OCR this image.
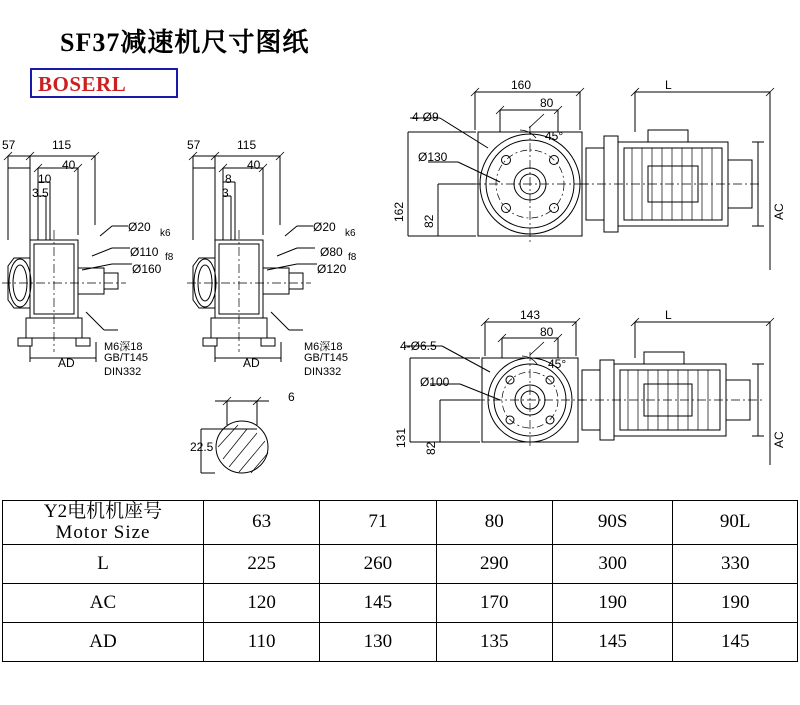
SF37减速机尺寸图纸
BOSERL
57	115
40
10
3.5
Ø20 k6
Ø110 f8
Ø160
AD
M6深18
GB/T145
DIN332
57	115
40
8
3
Ø20 k6
Ø80 f8
Ø120
AD
M6深18
GB/T145
DIN332
6
22.5
160
80
L
4-Ø9
45°
Ø130
162 82
AC
143
80
L
4-Ø6.5
45°
Ø100
131
82
AC
Y2电机机座号
Motor Size	63	71	80	90S	90L
L	225	260	290	300	330
AC	120	145	170	190	190
AD	110	130	135	145	145
